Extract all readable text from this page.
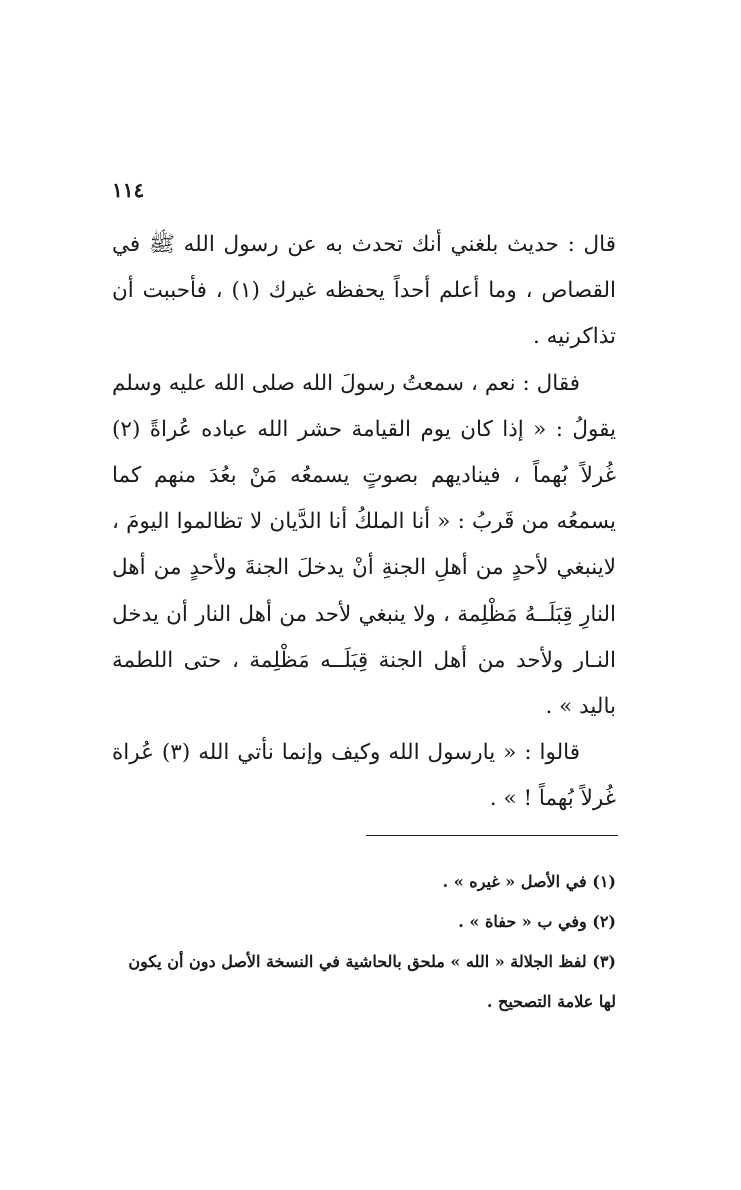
١١٤

قال : حديث بلغني أنك تحدث به عن رسول الله ﷺ في القصاص ، وما أعلم أحداً يحفظه غيرك (١) ، فأحببت أن تذاكرنيه .

فقال : نعم ، سمعتُ رسولَ الله صلى الله عليه وسلم يقولُ : « إذا كان يوم القيامة حشر الله عباده عُراةً (٢) غُرلاً بُهماً ، فيناديهم بصوتٍ يسمعُه مَنْ بعُدَ منهم كما يسمعُه من قَربُ : « أنا الملكُ أنا الدَّيان لا تظالموا اليومَ ، لاينبغي لأحدٍ من أهلِ الجنةِ أنْ يدخلَ الجنةَ ولأحدٍ من أهل النارِ قِبَلَــهُ مَظْلِمة ، ولا ينبغي لأحد من أهل النار أن يدخل النـار ولأحد من أهل الجنة قِبَلَــه مَظْلِمة ، حتى اللطمة باليد » .

قالوا : « يارسول الله وكيف وإنما نأتي الله (٣) عُراة غُرلاً بُهماً ! » .

(١) في الأصل « غيره » .

(٢) وفي ب « حفاة » .

(٣) لفظ الجلالة « الله » ملحق بالحاشية في النسخة الأصل دون أن يكون لها علامة التصحيح .
